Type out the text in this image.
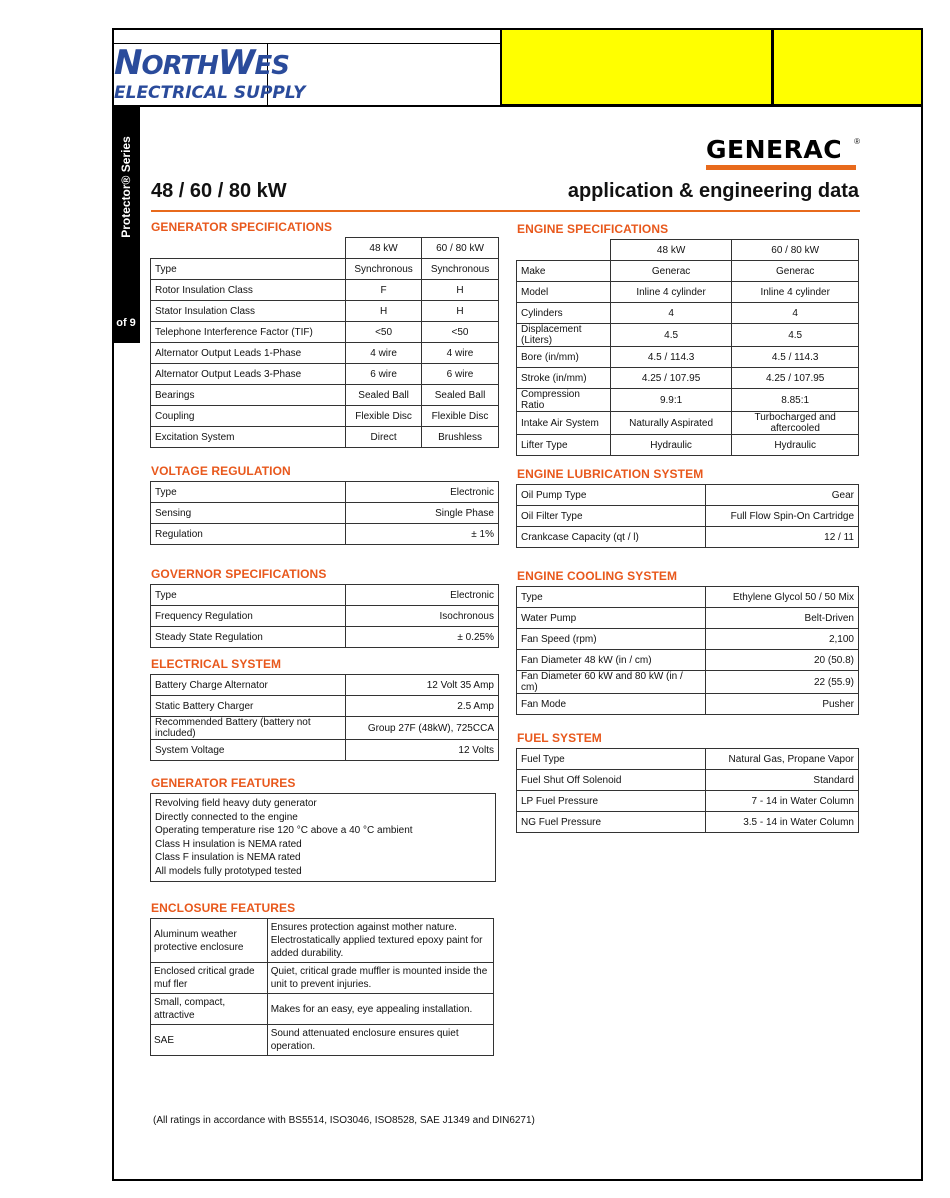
NORTHWES
ELECTRICAL SUPPLY
Protector® Series
of 9
GENERAC	®
48 / 60 / 80 kW	application & engineering data
GENERATOR SPECIFICATIONS
	48 kW	60 / 80 kW
Type	Synchronous	Synchronous
Rotor Insulation Class	F	H
Stator Insulation Class	H	H
Telephone Interference Factor (TIF)	<50	<50
Alternator Output Leads 1-Phase	4 wire	4 wire
Alternator Output Leads 3-Phase	6 wire	6 wire
Bearings	Sealed Ball	Sealed Ball
Coupling	Flexible Disc	Flexible Disc
Excitation System	Direct	Brushless
VOLTAGE REGULATION
Type	Electronic
Sensing	Single Phase
Regulation	± 1%
GOVERNOR SPECIFICATIONS
Type	Electronic
Frequency Regulation	Isochronous
Steady State Regulation	± 0.25%
ELECTRICAL SYSTEM
Battery Charge Alternator	12 Volt 35 Amp
Static Battery Charger	2.5 Amp
Recommended Battery (battery not included)	Group 27F (48kW), 725CCA
System Voltage	12 Volts
GENERATOR FEATURES
Revolving field heavy duty generator
Directly connected to the engine
Operating temperature rise 120 °C above a 40 °C ambient
Class H insulation is NEMA rated
Class F insulation is NEMA rated
All models fully prototyped tested
ENCLOSURE FEATURES
Aluminum weather protective enclosure	Ensures protection against mother nature. Electrostatically applied textured epoxy paint for added durability.
Enclosed critical grade muf fler	Quiet, critical grade muffler is mounted inside the unit to prevent injuries.
Small, compact, attractive	Makes for an easy, eye appealing installation.
SAE	Sound attenuated enclosure ensures quiet operation.
(All ratings in accordance with BS5514, ISO3046, ISO8528, SAE J1349 and DIN6271)
ENGINE SPECIFICATIONS
	48 kW	60 / 80 kW
Make	Generac	Generac
Model	Inline 4 cylinder	Inline 4 cylinder
Cylinders	4	4
Displacement (Liters)	4.5	4.5
Bore (in/mm)	4.5 / 114.3	4.5 / 114.3
Stroke (in/mm)	4.25 / 107.95	4.25 / 107.95
Compression Ratio	9.9:1	8.85:1
Intake Air System	Naturally Aspirated	Turbocharged and aftercooled
Lifter Type	Hydraulic	Hydraulic
ENGINE LUBRICATION SYSTEM
Oil Pump Type	Gear
Oil Filter Type	Full Flow Spin-On Cartridge
Crankcase Capacity (qt / l)	12 / 11
ENGINE COOLING SYSTEM
Type	Ethylene Glycol 50 / 50 Mix
Water Pump	Belt-Driven
Fan Speed (rpm)	2,100
Fan Diameter 48 kW (in / cm)	20 (50.8)
Fan Diameter 60 kW and 80 kW (in / cm)	22 (55.9)
Fan Mode	Pusher
FUEL SYSTEM
Fuel Type	Natural Gas, Propane Vapor
Fuel Shut Off Solenoid	Standard
LP Fuel Pressure	7 - 14 in Water Column
NG Fuel Pressure	3.5 - 14 in Water Column
